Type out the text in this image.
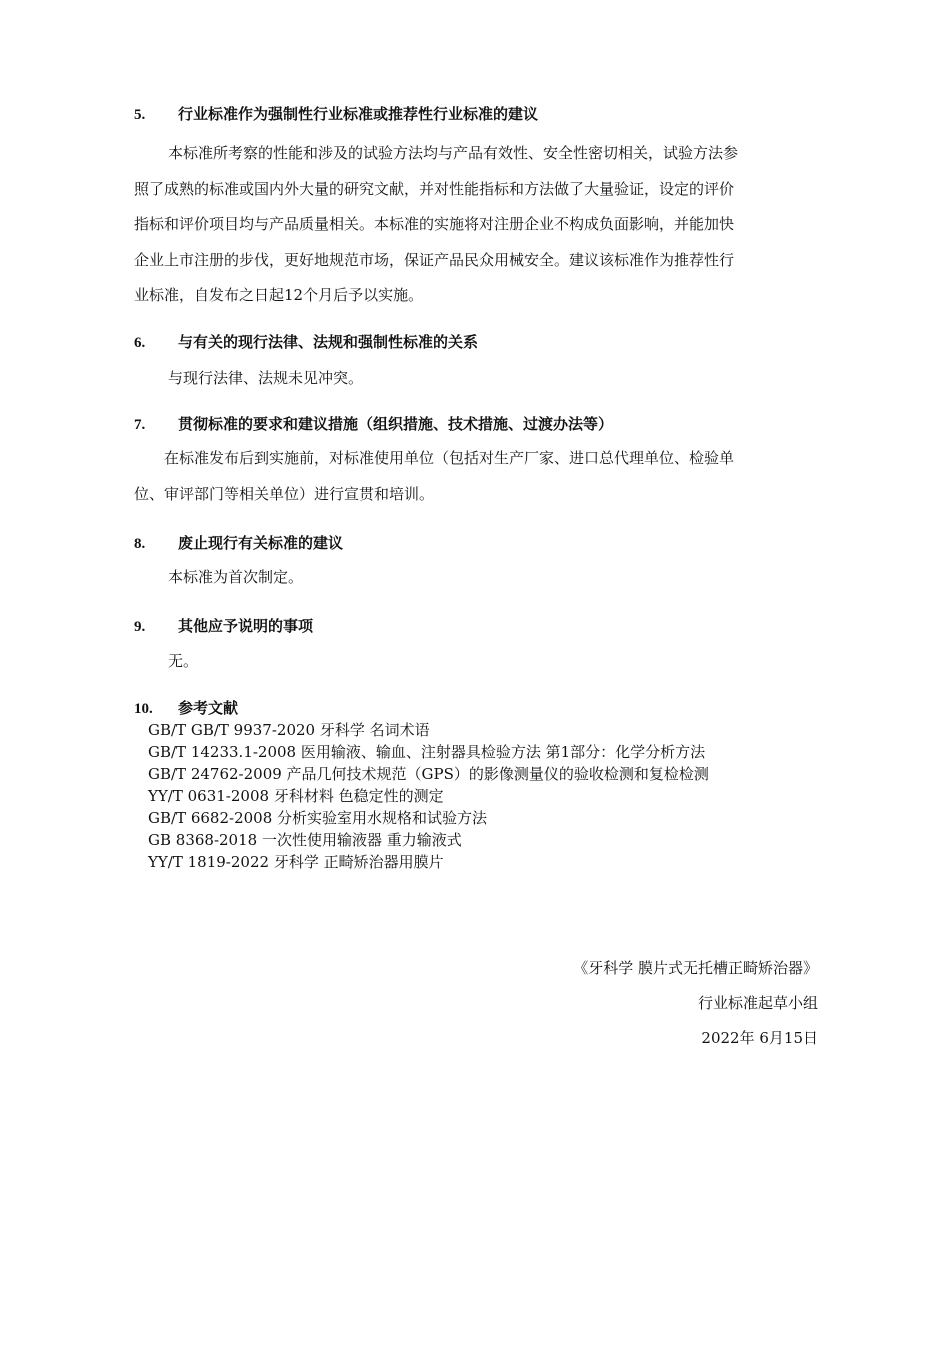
5. 行业标准作为强制性行业标准或推荐性行业标准的建议
本标准所考察的性能和涉及的试验方法均与产品有效性、安全性密切相关，试验方法参
照了成熟的标准或国内外大量的研究文献，并对性能指标和方法做了大量验证，设定的评价
指标和评价项目均与产品质量相关。本标准的实施将对注册企业不构成负面影响，并能加快
企业上市注册的步伐，更好地规范市场，保证产品民众用械安全。建议该标准作为推荐性行
业标准，自发布之日起12个月后予以实施。
6. 与有关的现行法律、法规和强制性标准的关系
与现行法律、法规未见冲突。
7. 贯彻标准的要求和建议措施（组织措施、技术措施、过渡办法等）
在标准发布后到实施前，对标准使用单位（包括对生产厂家、进口总代理单位、检验单
位、审评部门等相关单位）进行宣贯和培训。
8. 废止现行有关标准的建议
本标准为首次制定。
9. 其他应予说明的事项
无。
10. 参考文献
GB/T GB/T 9937-2020 牙科学 名词术语
GB/T 14233.1-2008 医用输液、输血、注射器具检验方法 第1部分：化学分析方法
GB/T 24762-2009 产品几何技术规范（GPS）的影像测量仪的验收检测和复检检测
YY/T 0631-2008 牙科材料 色稳定性的测定
GB/T 6682-2008 分析实验室用水规格和试验方法
GB 8368-2018 一次性使用输液器 重力输液式
YY/T 1819-2022 牙科学 正畸矫治器用膜片
《牙科学 膜片式无托槽正畸矫治器》
行业标准起草小组
2022年 6月15日
